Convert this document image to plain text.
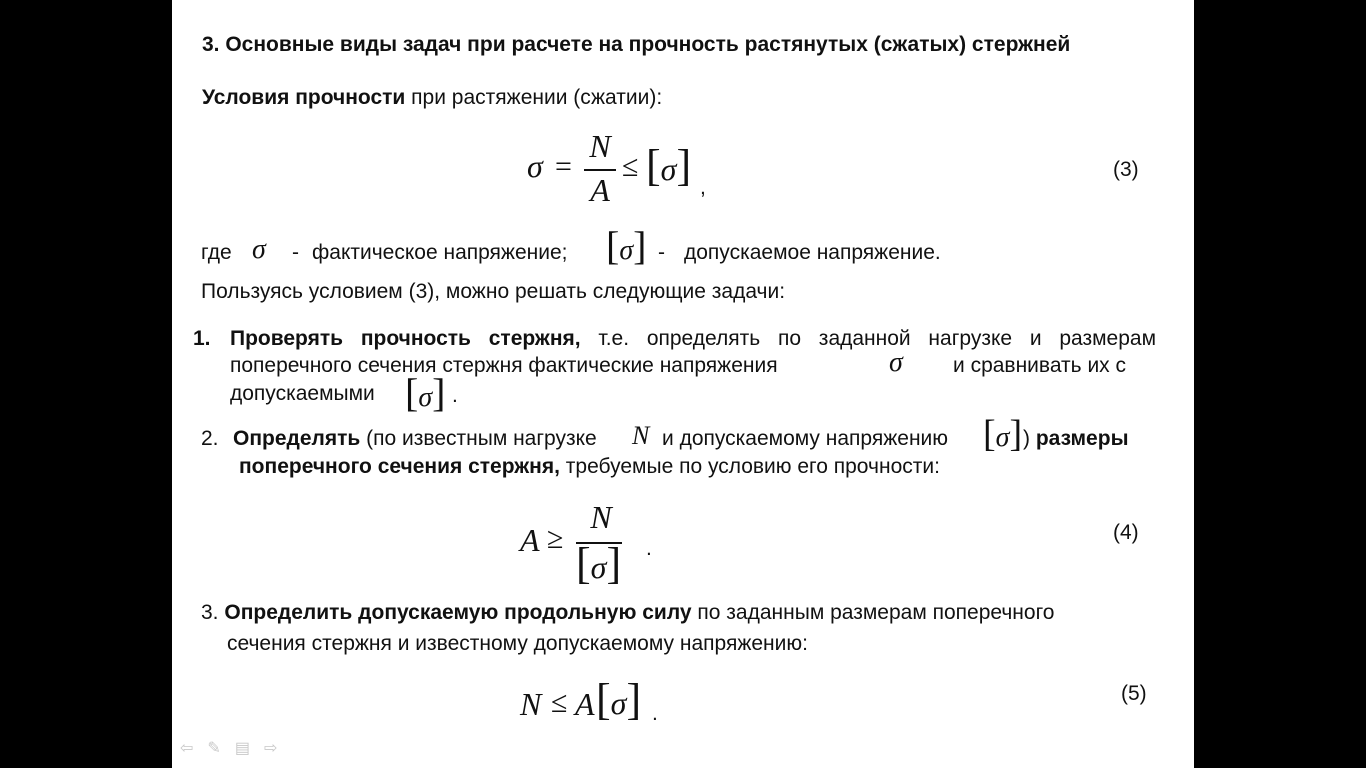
3. Основные виды задач при расчете на прочность растянутых (сжатых) стержней
Условия прочности при растяжении (сжатии):
σ =
N
A
≤ [σ] ,
(3)
где σ - фактическое напряжение; [σ] - допускаемое напряжение.
Пользуясь условием (3), можно решать следующие задачи:
1. Проверять прочность стержня, т.е. определять по заданной нагрузке и размерам
поперечного сечения стержня фактические напряжения	σ и сравнивать их с
допускаемыми [σ] .
2. Определять (по известным нагрузке N и допускаемому напряжению [σ] ) размеры
поперечного сечения стержня, требуемые по условию его прочности:
A ≥
N
[σ] .
(4)
3. Определить допускаемую продольную силу по заданным размерам поперечного
сечения стержня и известному допускаемому напряжению:
N ≤ A [σ] .
(5)
⇦ ✎ ▤ ⇨
